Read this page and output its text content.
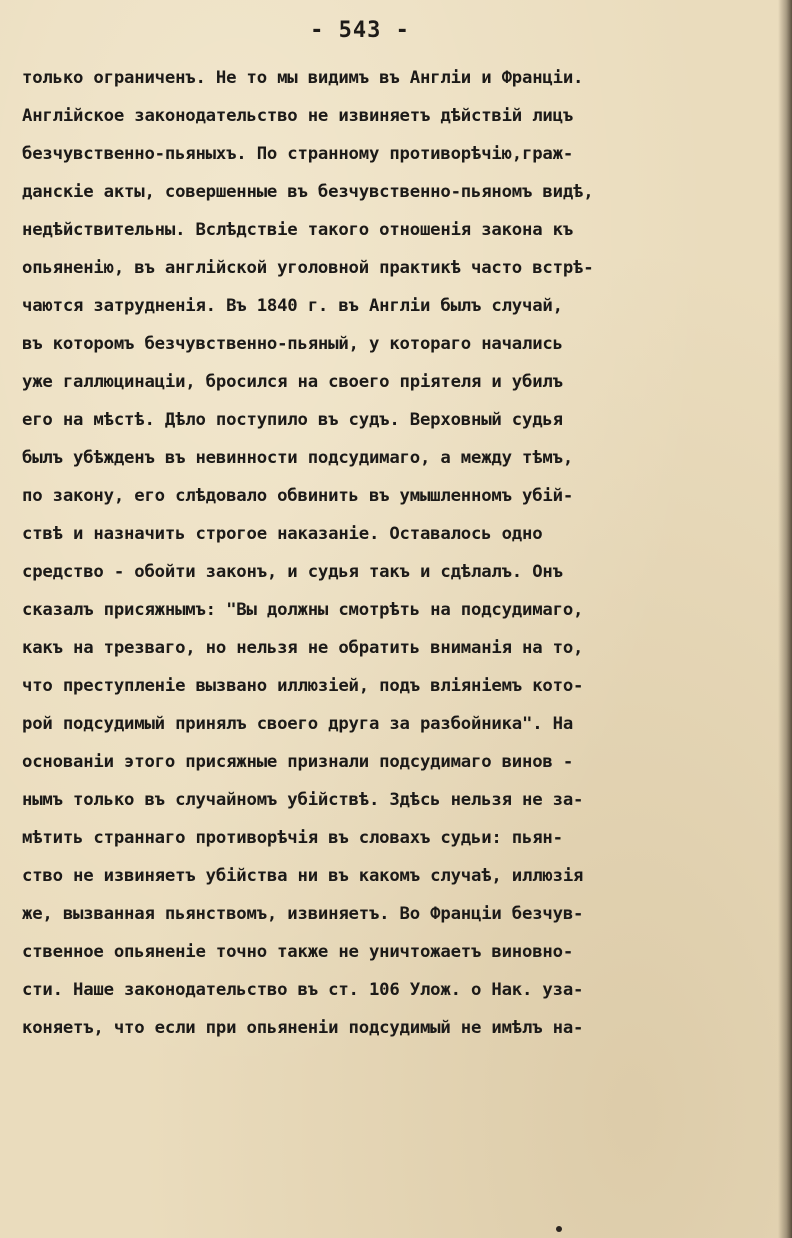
- 543 -
только ограниченъ. Не то мы видимъ въ Англiи и Францiи.
Англiйское законодательство не извиняетъ дѣйствiй лицъ
безчувственно-пьяныхъ. По странному противорѣчiю,граж-
данскiе акты, совершенные въ безчувственно-пьяномъ видѣ,
недѣйствительны. Вслѣдствiе такого отношенiя закона къ
опьяненiю, въ англiйской уголовной практикѣ часто встрѣ-
чаются затрудненiя. Въ 1840 г. въ Англiи былъ случай,
въ которомъ безчувственно-пьяный, у котораго начались
уже галлюцинацiи, бросился на своего прiятеля и убилъ
его на мѣстѣ. Дѣло поступило въ судъ. Верховный судья
былъ убѣжденъ въ невинности подсудимаго, а между тѣмъ,
по закону, его слѣдовало обвинить въ умышленномъ убiй-
ствѣ и назначить строгое наказанiе. Оставалось одно
средство - обойти законъ, и судья такъ и сдѣлалъ. Онъ
сказалъ присяжнымъ: "Вы должны смотрѣть на подсудимаго,
какъ на трезваго, но нельзя не обратить вниманiя на то,
что преступленiе вызвано иллюзiей, подъ влiянiемъ кото-
рой подсудимый принялъ своего друга за разбойника". На
основанiи этого присяжные признали подсудимаго винов -
нымъ только въ случайномъ убiйствѣ. Здѣсь нельзя не за-
мѣтить страннаго противорѣчiя въ словахъ судьи: пьян-
ство не извиняетъ убiйства ни въ какомъ случаѣ, иллюзiя
же, вызванная пьянствомъ, извиняетъ. Во Францiи безчув-
ственное опьяненiе точно также не уничтожаетъ виновно-
сти. Наше законодательство въ ст. 106 Улож. о Нак. уза-
коняетъ, что если при опьяненiи подсудимый не имѣлъ на-
